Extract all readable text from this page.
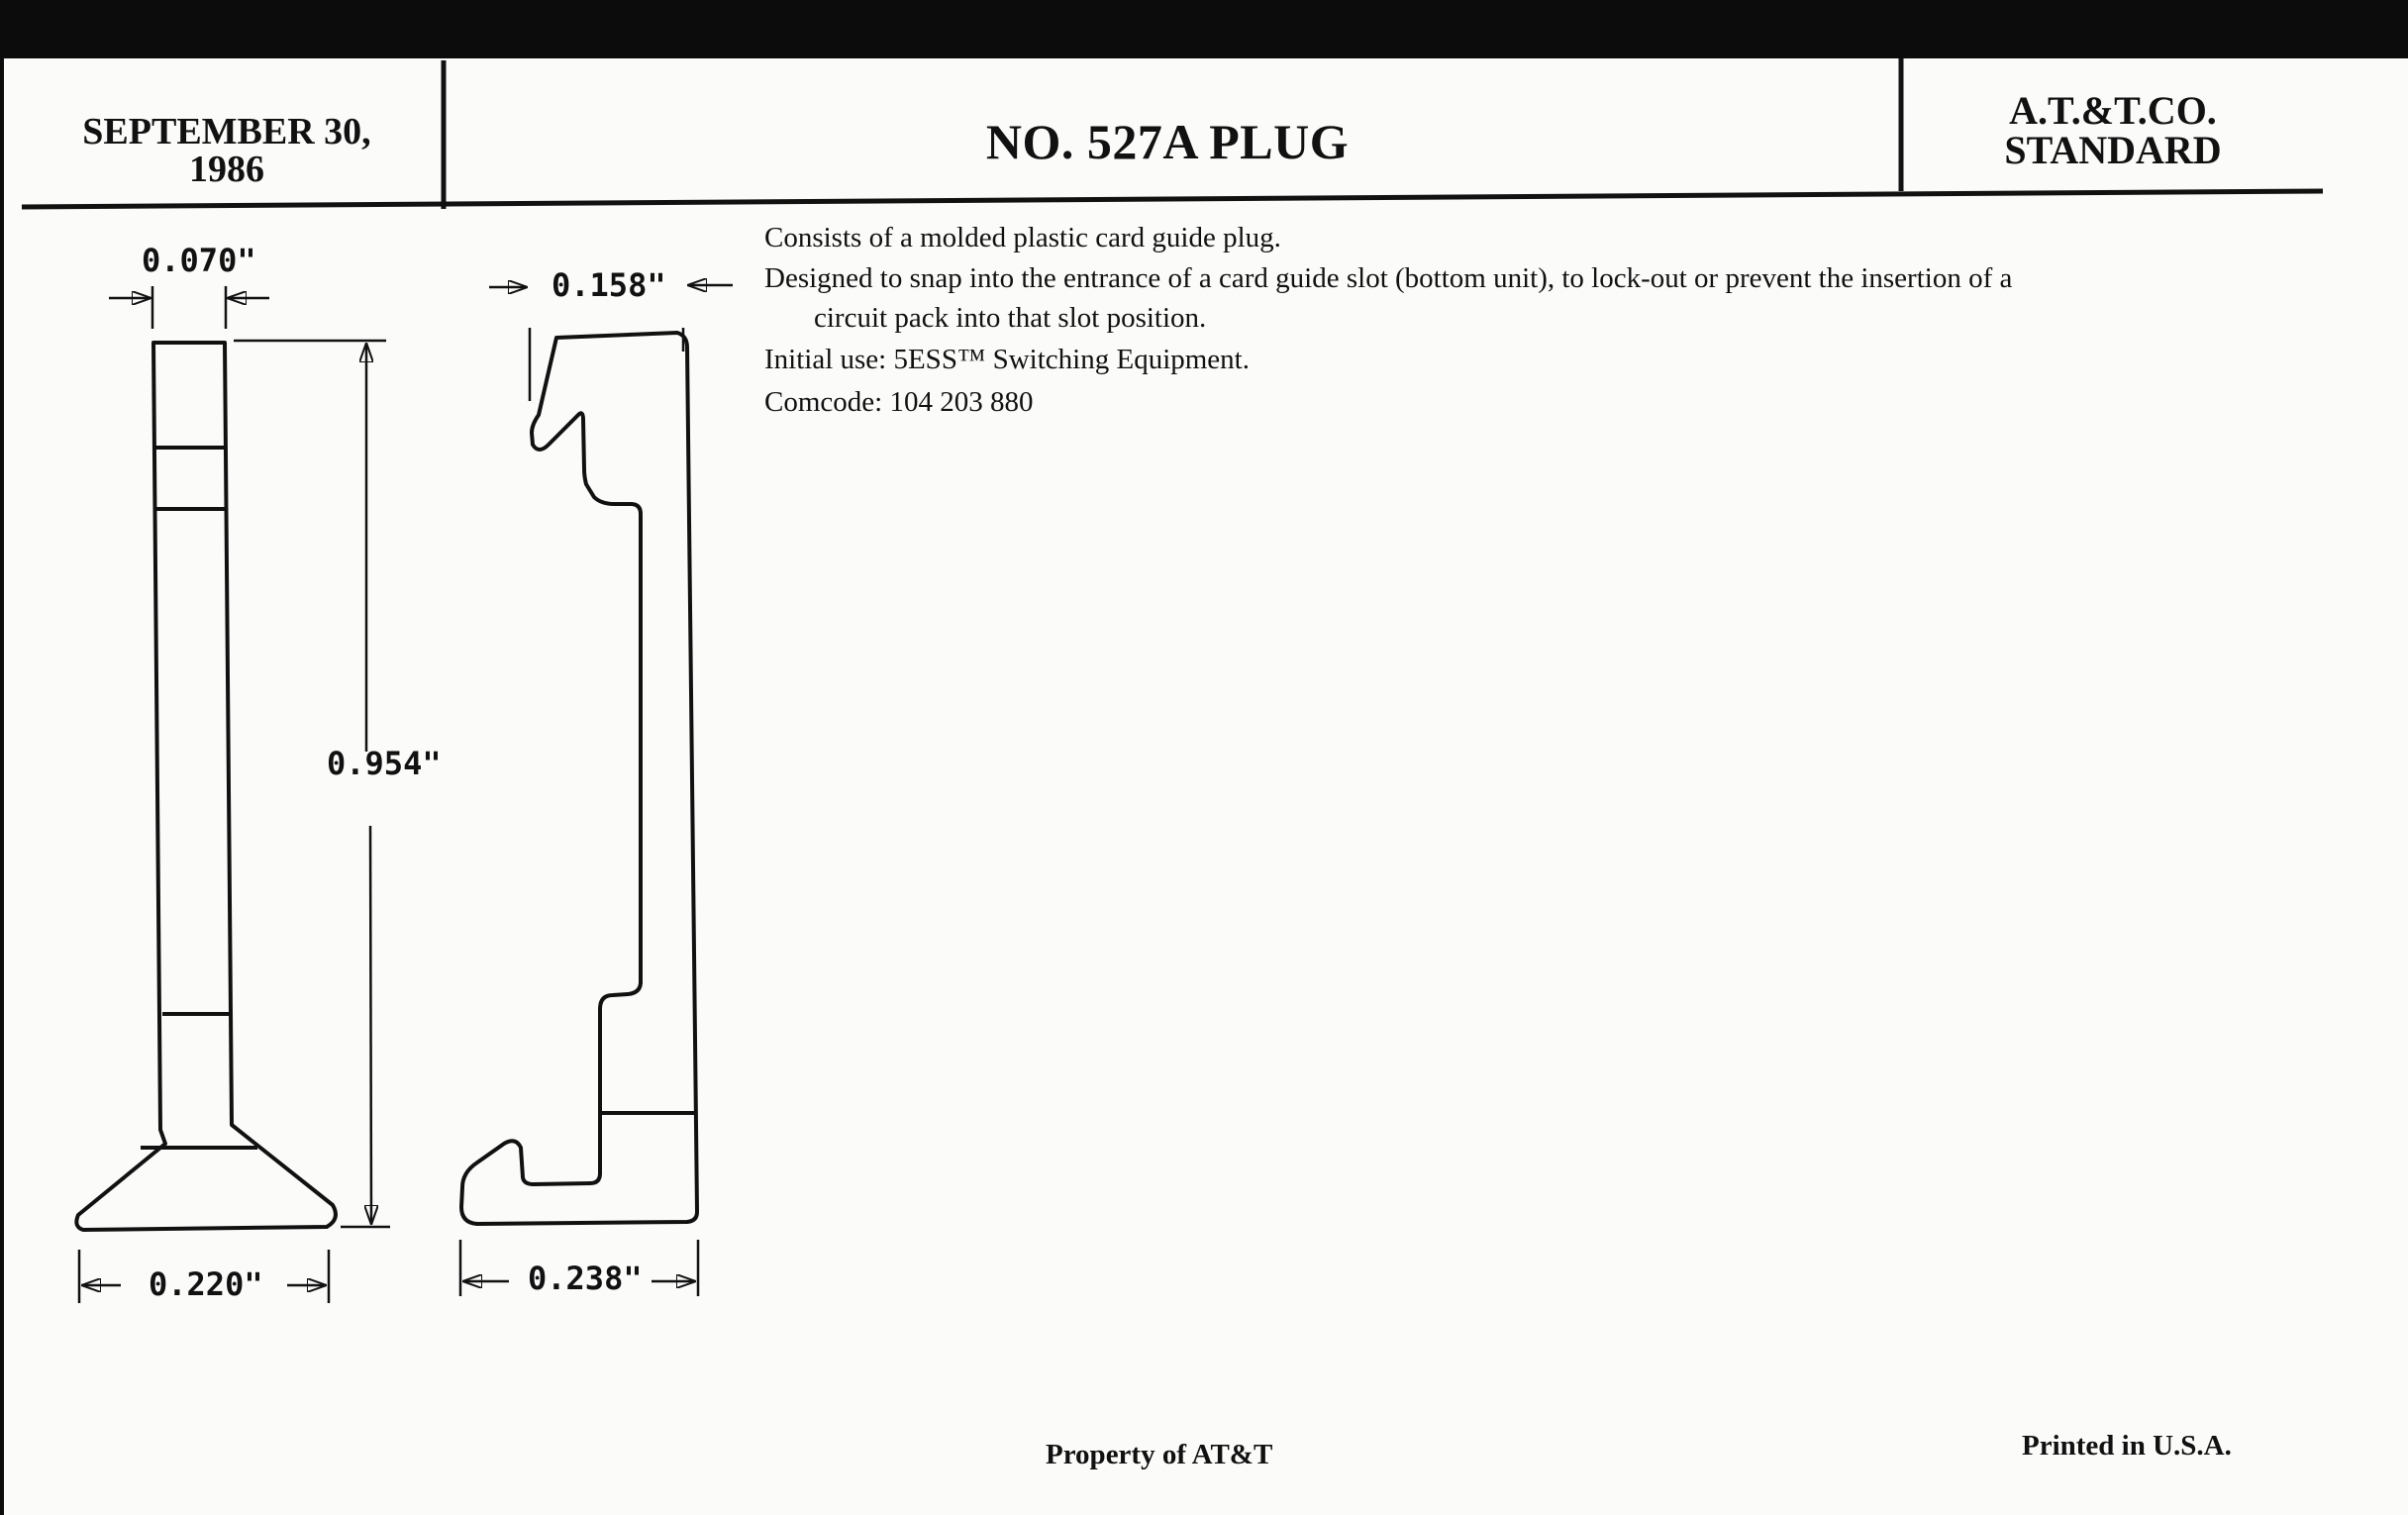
0.070"
0.954"
0.220"
0.158"
0.238"
SEPTEMBER 30,
1986	NO. 527A PLUG
A.T.&T.CO.
STANDARD
Consists of a molded plastic card guide plug.
Designed to snap into the entrance of a card guide slot (bottom unit), to lock-out or prevent the insertion of a
circuit pack into that slot position.
Initial use: 5ESS™ Switching Equipment.
Comcode: 104 203 880
Property of AT&T	Printed in U.S.A.
